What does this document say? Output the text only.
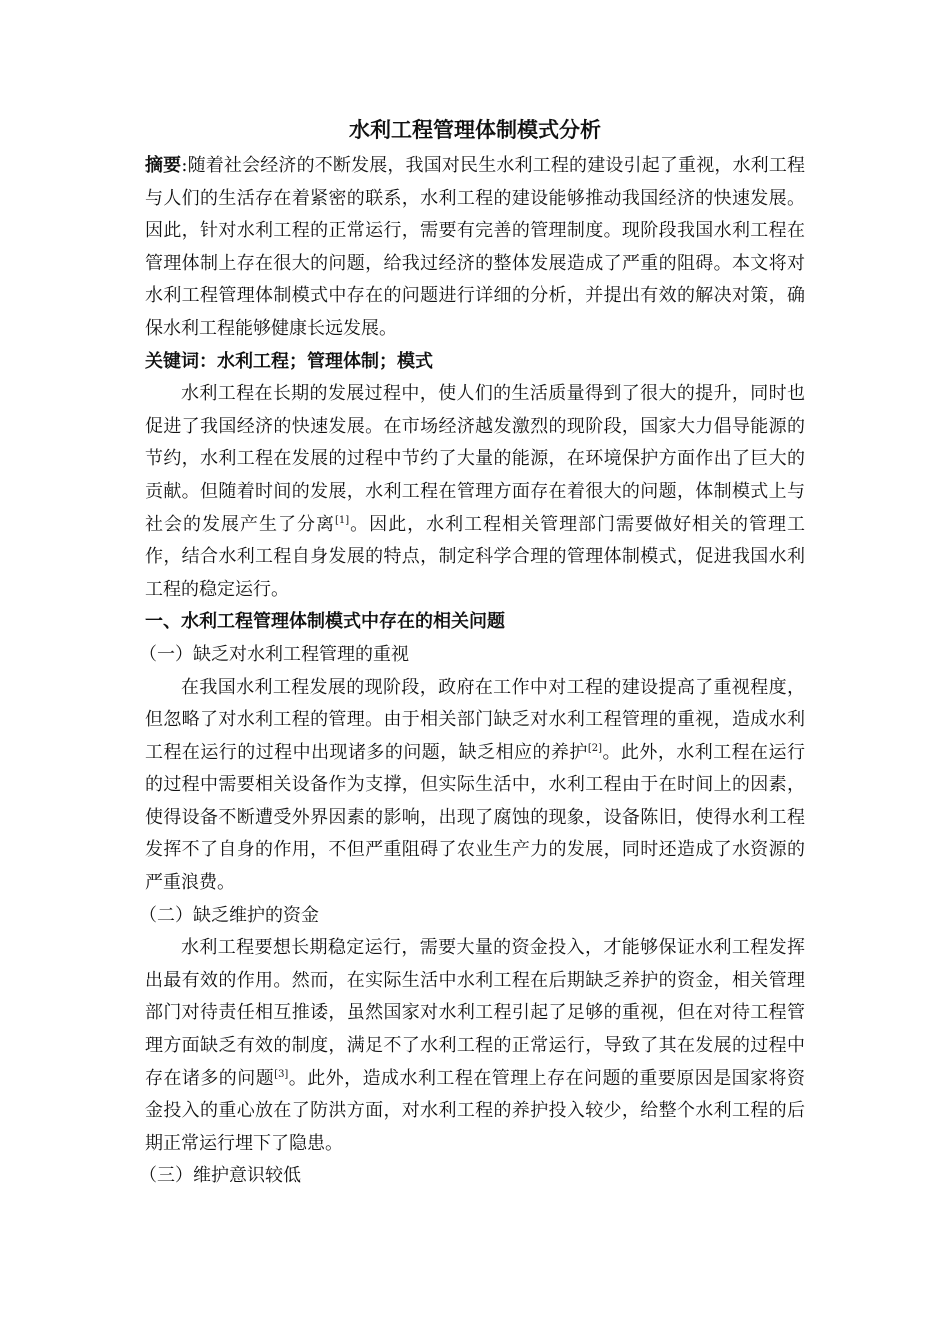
水利工程管理体制模式分析

摘要:随着社会经济的不断发展，我国对民生水利工程的建设引起了重视，水利工程与人们的生活存在着紧密的联系，水利工程的建设能够推动我国经济的快速发展。因此，针对水利工程的正常运行，需要有完善的管理制度。现阶段我国水利工程在管理体制上存在很大的问题，给我过经济的整体发展造成了严重的阻碍。本文将对水利工程管理体制模式中存在的问题进行详细的分析，并提出有效的解决对策，确保水利工程能够健康长远发展。

关键词：水利工程；管理体制；模式

水利工程在长期的发展过程中，使人们的生活质量得到了很大的提升，同时也促进了我国经济的快速发展。在市场经济越发激烈的现阶段，国家大力倡导能源的节约，水利工程在发展的过程中节约了大量的能源，在环境保护方面作出了巨大的贡献。但随着时间的发展，水利工程在管理方面存在着很大的问题，体制模式上与社会的发展产生了分离[1]。因此，水利工程相关管理部门需要做好相关的管理工作，结合水利工程自身发展的特点，制定科学合理的管理体制模式，促进我国水利工程的稳定运行。

一、水利工程管理体制模式中存在的相关问题

（一）缺乏对水利工程管理的重视

在我国水利工程发展的现阶段，政府在工作中对工程的建设提高了重视程度，但忽略了对水利工程的管理。由于相关部门缺乏对水利工程管理的重视，造成水利工程在运行的过程中出现诸多的问题，缺乏相应的养护[2]。此外，水利工程在运行的过程中需要相关设备作为支撑，但实际生活中，水利工程由于在时间上的因素，使得设备不断遭受外界因素的影响，出现了腐蚀的现象，设备陈旧，使得水利工程发挥不了自身的作用，不但严重阻碍了农业生产力的发展，同时还造成了水资源的严重浪费。

（二）缺乏维护的资金

水利工程要想长期稳定运行，需要大量的资金投入，才能够保证水利工程发挥出最有效的作用。然而，在实际生活中水利工程在后期缺乏养护的资金，相关管理部门对待责任相互推诿，虽然国家对水利工程引起了足够的重视，但在对待工程管理方面缺乏有效的制度，满足不了水利工程的正常运行，导致了其在发展的过程中存在诸多的问题[3]。此外，造成水利工程在管理上存在问题的重要原因是国家将资金投入的重心放在了防洪方面，对水利工程的养护投入较少，给整个水利工程的后期正常运行埋下了隐患。

（三）维护意识较低
